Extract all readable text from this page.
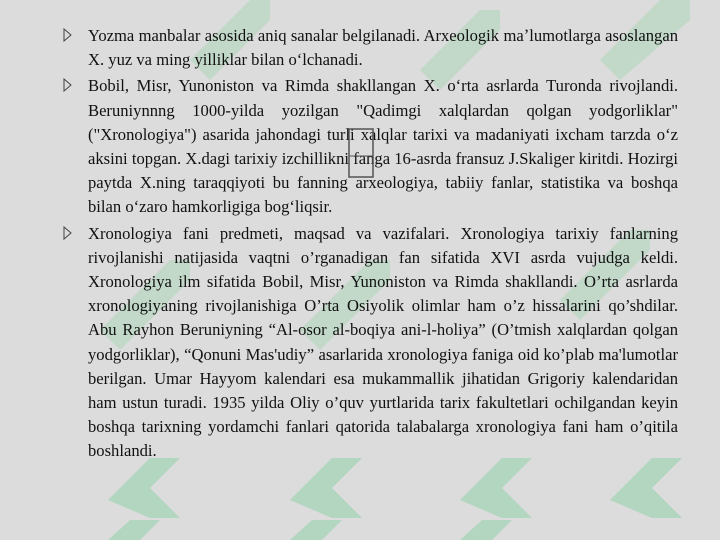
Yozma manbalar asosida aniq sanalar belgilanadi. Arxeologik maʼlumotlarga asoslangan X. yuz va ming yilliklar bilan oʻlchanadi.

Bobil, Misr, Yunoniston va Rimda shakllangan X. oʻrta asrlarda Turonda rivojlandi. Beruniynnng 1000-yilda yozilgan "Qadimgi xalqlardan qolgan yodgorliklar" ("Xronologiya") asarida jahondagi turli xalqlar tarixi va madaniyati ixcham tarzda oʻz aksini topgan. X.dagi tarixiy izchillikni fanga 16-asrda fransuz J.Skaliger kiritdi. Hozirgi paytda X.ning taraqqiyoti bu fanning arxeologiya, tabiiy fanlar, statistika va boshqa bilan oʻzaro hamkorligiga bogʻliqsir.

Xronologiya fani predmeti, maqsad va vazifalari. Xronologiya tarixiy fanlarning rivojlanishi natijasida vaqtni o’rganadigan fan sifatida XVI asrda vujudga keldi. Xronologiya ilm sifatida Bobil, Misr, Yunoniston va Rimda shakllandi. O’rta asrlarda xronologiyaning rivojlanishiga O’rta Osiyolik olimlar ham o’z hissalarini qo’shdilar. Abu Rayhon Beruniyning “Al-osor al-boqiya ani-l-holiya” (O’tmish xalqlardan qolgan yodgorliklar), “Qonuni Mas'udiy” asarlarida xronologiya faniga oid ko’plab ma'lumotlar berilgan. Umar Hayyom kalendari esa mukammallik jihatidan Grigoriy kalendaridan ham ustun turadi. 1935 yilda Oliy o’quv yurtlarida tarix fakultetlari ochilgandan keyin boshqa tarixning yordamchi fanlari qatorida talabalarga xronologiya fani ham o’qitila boshlandi.
